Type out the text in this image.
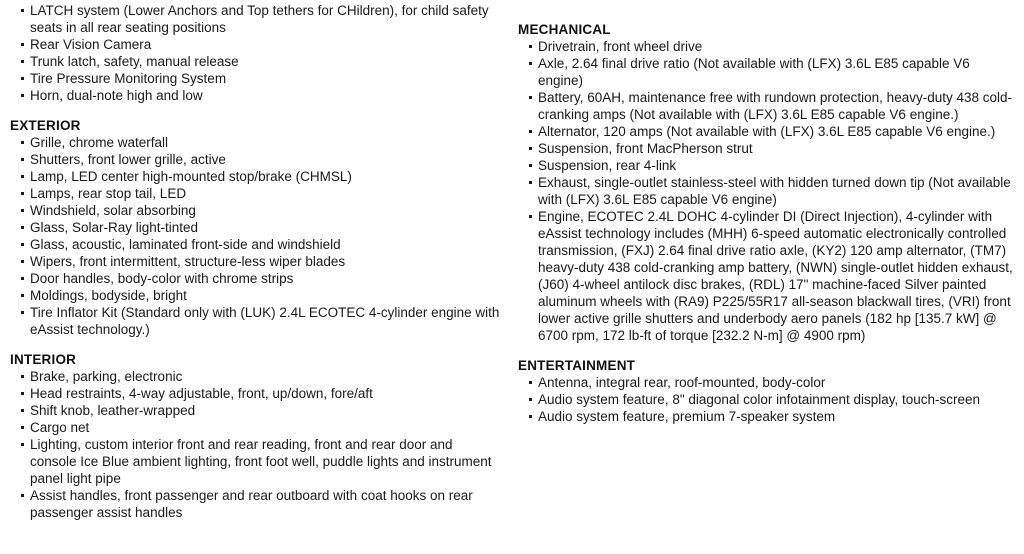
LATCH system (Lower Anchors and Top tethers for CHildren), for child safety seats in all rear seating positions
Rear Vision Camera
Trunk latch, safety, manual release
Tire Pressure Monitoring System
Horn, dual-note high and low
EXTERIOR
Grille, chrome waterfall
Shutters, front lower grille, active
Lamp, LED center high-mounted stop/brake (CHMSL)
Lamps, rear stop tail, LED
Windshield, solar absorbing
Glass, Solar-Ray light-tinted
Glass, acoustic, laminated front-side and windshield
Wipers, front intermittent, structure-less wiper blades
Door handles, body-color with chrome strips
Moldings, bodyside, bright
Tire Inflator Kit (Standard only with (LUK) 2.4L ECOTEC 4-cylinder engine with eAssist technology.)
INTERIOR
Brake, parking, electronic
Head restraints, 4-way adjustable, front, up/down, fore/aft
Shift knob, leather-wrapped
Cargo net
Lighting, custom interior front and rear reading, front and rear door and console Ice Blue ambient lighting, front foot well, puddle lights and instrument panel light pipe
Assist handles, front passenger and rear outboard with coat hooks on rear passenger assist handles
MECHANICAL
Drivetrain, front wheel drive
Axle, 2.64 final drive ratio (Not available with (LFX) 3.6L E85 capable V6 engine)
Battery, 60AH, maintenance free with rundown protection, heavy-duty 438 cold-cranking amps (Not available with (LFX) 3.6L E85 capable V6 engine.)
Alternator, 120 amps (Not available with (LFX) 3.6L E85 capable V6 engine.)
Suspension, front MacPherson strut
Suspension, rear 4-link
Exhaust, single-outlet stainless-steel with hidden turned down tip (Not available with (LFX) 3.6L E85 capable V6 engine)
Engine, ECOTEC 2.4L DOHC 4-cylinder DI (Direct Injection), 4-cylinder with eAssist technology includes (MHH) 6-speed automatic electronically controlled transmission, (FXJ) 2.64 final drive ratio axle, (KY2) 120 amp alternator, (TM7) heavy-duty 438 cold-cranking amp battery, (NWN) single-outlet hidden exhaust, (J60) 4-wheel antilock disc brakes, (RDL) 17" machine-faced Silver painted aluminum wheels with (RA9) P225/55R17 all-season blackwall tires, (VRI) front lower active grille shutters and underbody aero panels (182 hp [135.7 kW] @ 6700 rpm, 172 lb-ft of torque [232.2 N-m] @ 4900 rpm)
ENTERTAINMENT
Antenna, integral rear, roof-mounted, body-color
Audio system feature, 8" diagonal color infotainment display, touch-screen
Audio system feature, premium 7-speaker system
